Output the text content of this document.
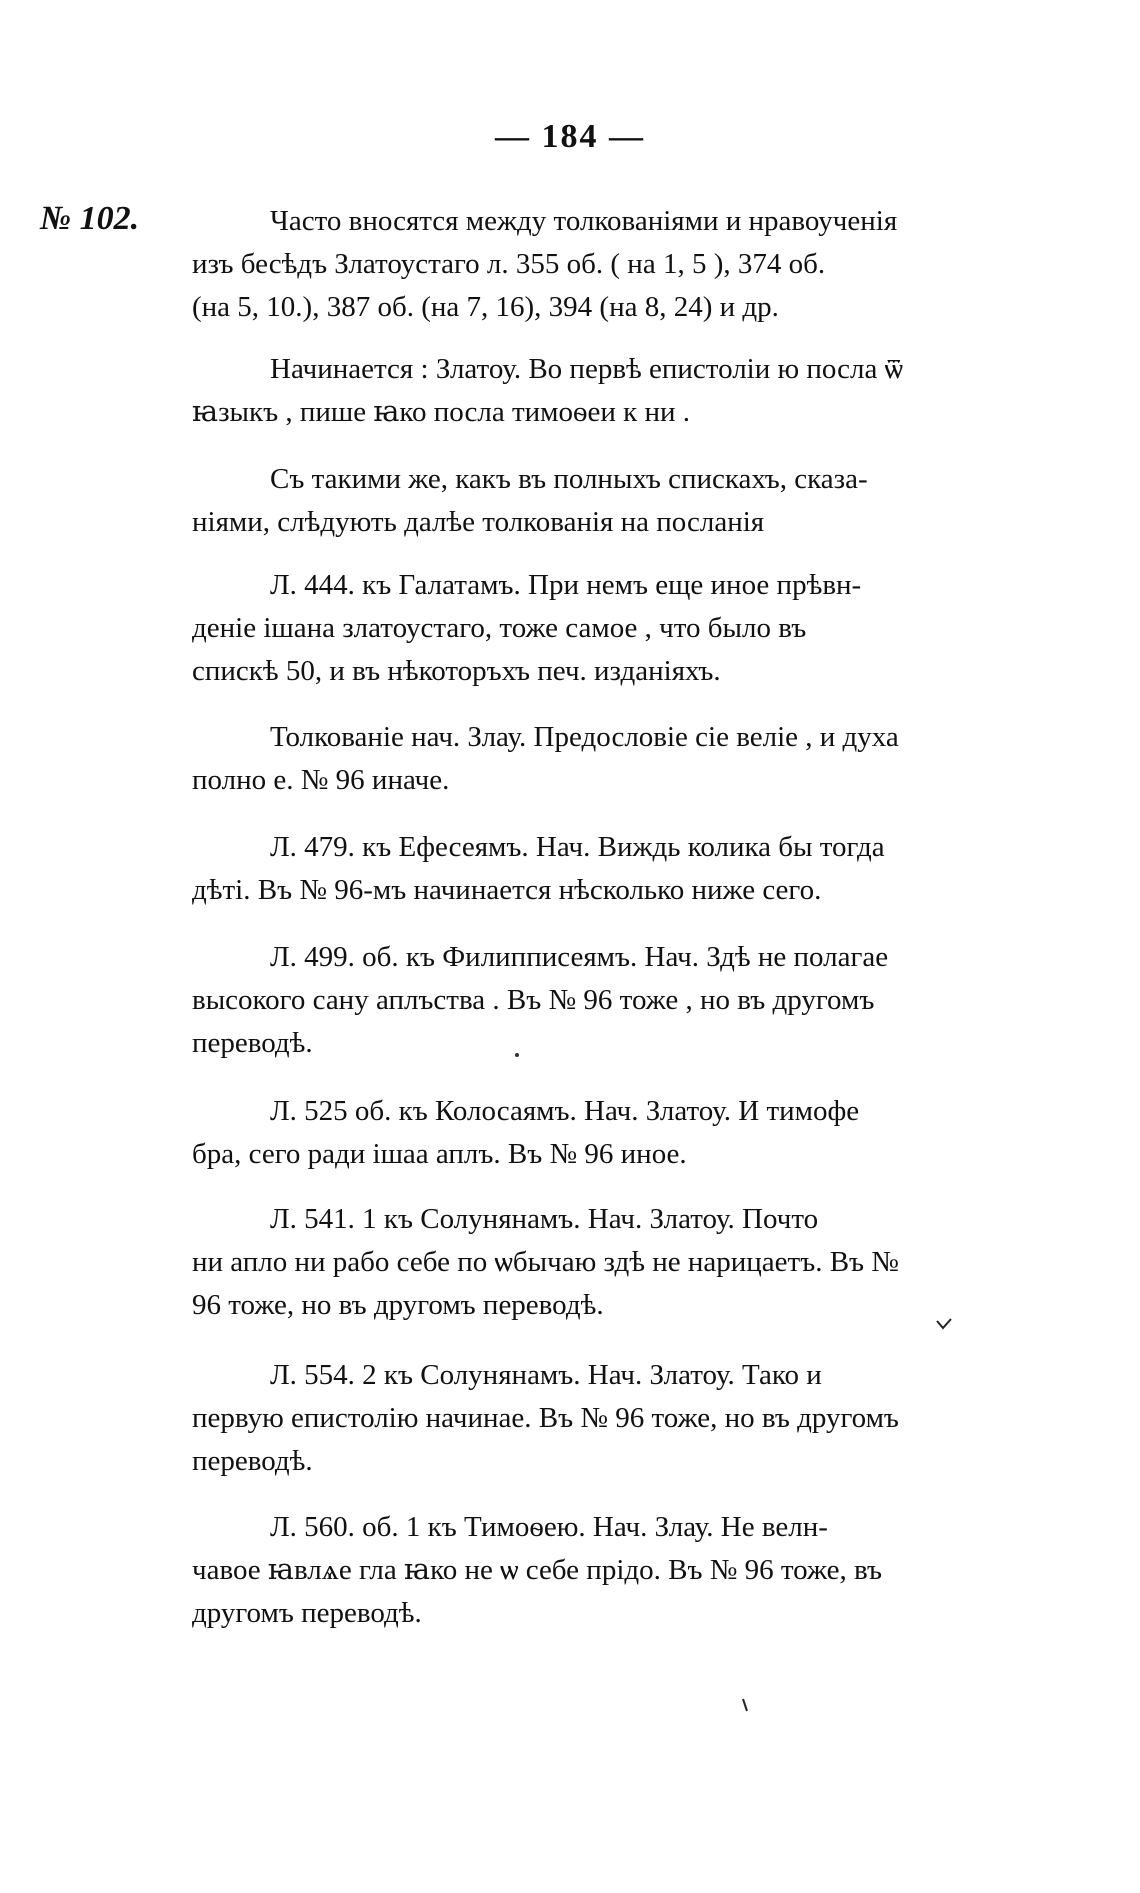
— 184 —
№ 102.	Часто вносятся между толкованіями и нравоученія
изъ бесѣдъ Златоустаго л. 355 об. ( на 1, 5 ), 374 об.
(на 5, 10.), 387 об. (на 7, 16), 394 (на 8, 24) и др.
Начинается : Златоу. Во первѣ епистоліи ю посла ѿ
ꙗзыкъ , пише ꙗко посла тимоѳеи к ни .
Съ такими же, какъ въ полныхъ спискахъ, сказа-
ніями, слѣдують далѣе толкованія на посланія
Л. 444. къ Галатамъ. При немъ еще иное прѣвн-
деніе ішана златоустаго, тоже самое , что было въ
спискѣ 50, и въ нѣкоторъхъ печ. изданіяхъ.
Толкованіе нач. Злау. Предословіе сіе веліе , и духа
полно е. № 96 иначе.
Л. 479. къ Ефесеямъ. Нач. Виждь колика бы тогда
дѣті. Въ № 96-мъ начинается нѣсколько ниже сего.
Л. 499. об. къ Филипписеямъ. Нач. Здѣ не полагае
высокого сану аплъства . Въ № 96 тоже , но въ другомъ
переводѣ.
Л. 525 об. къ Колосаямъ. Нач. Златоу. И тимофе
бра, сего ради ішаа аплъ. Въ № 96 иное.
Л. 541. 1 къ Солунянамъ. Нач. Златоу. Почто
ни апло ни рабо себе по ѡбычаю здѣ не нарицаетъ. Въ №
96 тоже, но въ другомъ переводѣ.
Л. 554. 2 къ Солунянамъ. Нач. Златоу. Тако и
первую епистолію начинае. Въ № 96 тоже, но въ другомъ
переводѣ.
Л. 560. об. 1 къ Тимоѳею. Нач. Злау. Не велн-
чавое ꙗвлѧе гла ꙗко не ѡ себе прідо. Въ № 96 тоже, въ
другомъ переводѣ.
